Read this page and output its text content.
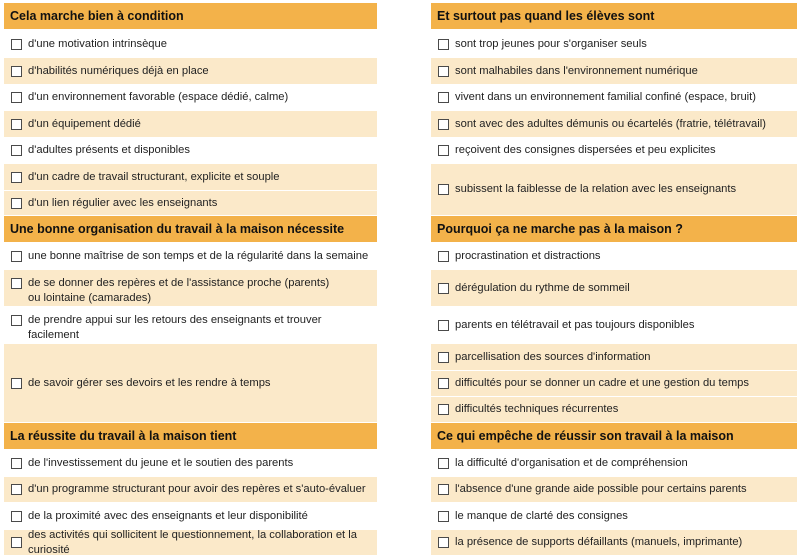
Cela marche bien à condition
d'une motivation intrinsèque
d'habilités numériques déjà en place
d'un environnement favorable (espace dédié, calme)
d'un équipement dédié
d'adultes présents et disponibles
d'un cadre de travail structurant, explicite et souple
d'un lien régulier avec les enseignants
Une bonne organisation du travail à la maison nécessite
une bonne maîtrise de son temps et de la régularité dans la semaine
de se donner des repères et de l'assistance proche (parents)
ou lointaine (camarades)
de prendre appui sur les retours des enseignants et trouver facilement

de savoir gérer ses devoirs et les rendre à temps
La réussite du travail à la maison tient
de l'investissement du jeune et le soutien des parents
d'un programme structurant pour avoir des repères et s'auto-évaluer
de la proximité avec des enseignants et leur disponibilité
des activités qui sollicitent le questionnement, la collaboration et la curiosité
Et surtout pas quand les élèves sont
sont trop jeunes pour s'organiser seuls
sont malhabiles dans l'environnement numérique
vivent dans un environnement familial confiné (espace, bruit)
sont avec des adultes démunis ou écartelés (fratrie, télétravail)
reçoivent des consignes dispersées et peu explicites
subissent la faiblesse de la relation avec les enseignants
Pourquoi ça ne marche pas à la maison ?
procrastination et distractions
dérégulation du rythme de sommeil
parents en télétravail et pas toujours disponibles
parcellisation des sources d'information
difficultés pour se donner un cadre et une gestion du temps
difficultés techniques récurrentes
Ce qui empêche de réussir son travail à la maison
la difficulté d'organisation et de compréhension
l'absence d'une grande aide possible pour certains parents
le manque de clarté des consignes
la présence de supports défaillants (manuels, imprimante)
